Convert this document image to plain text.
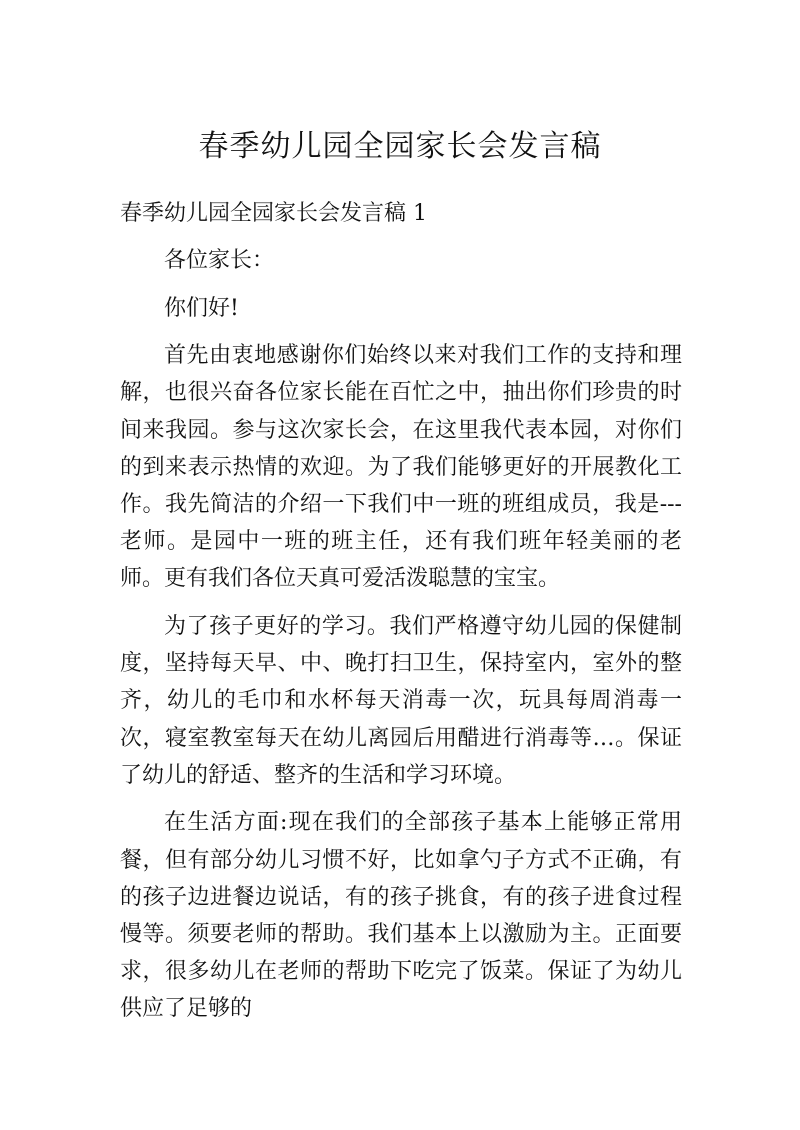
春季幼儿园全园家长会发言稿
春季幼儿园全园家长会发言稿 1

各位家长：

你们好!

首先由衷地感谢你们始终以来对我们工作的支持和理解，也很兴奋各位家长能在百忙之中，抽出你们珍贵的时间来我园。参与这次家长会，在这里我代表本园，对你们的到来表示热情的欢迎。为了我们能够更好的开展教化工作。我先简洁的介绍一下我们中一班的班组成员，我是---老师。是园中一班的班主任，还有我们班年轻美丽的老师。更有我们各位天真可爱活泼聪慧的宝宝。

为了孩子更好的学习。我们严格遵守幼儿园的保健制度，坚持每天早、中、晚打扫卫生，保持室内，室外的整齐，幼儿的毛巾和水杯每天消毒一次，玩具每周消毒一次，寝室教室每天在幼儿离园后用醋进行消毒等…。保证了幼儿的舒适、整齐的生活和学习环境。

在生活方面:现在我们的全部孩子基本上能够正常用餐，但有部分幼儿习惯不好，比如拿勺子方式不正确，有的孩子边进餐边说话，有的孩子挑食，有的孩子进食过程慢等。须要老师的帮助。我们基本上以激励为主。正面要求，很多幼儿在老师的帮助下吃完了饭菜。保证了为幼儿供应了足够的
